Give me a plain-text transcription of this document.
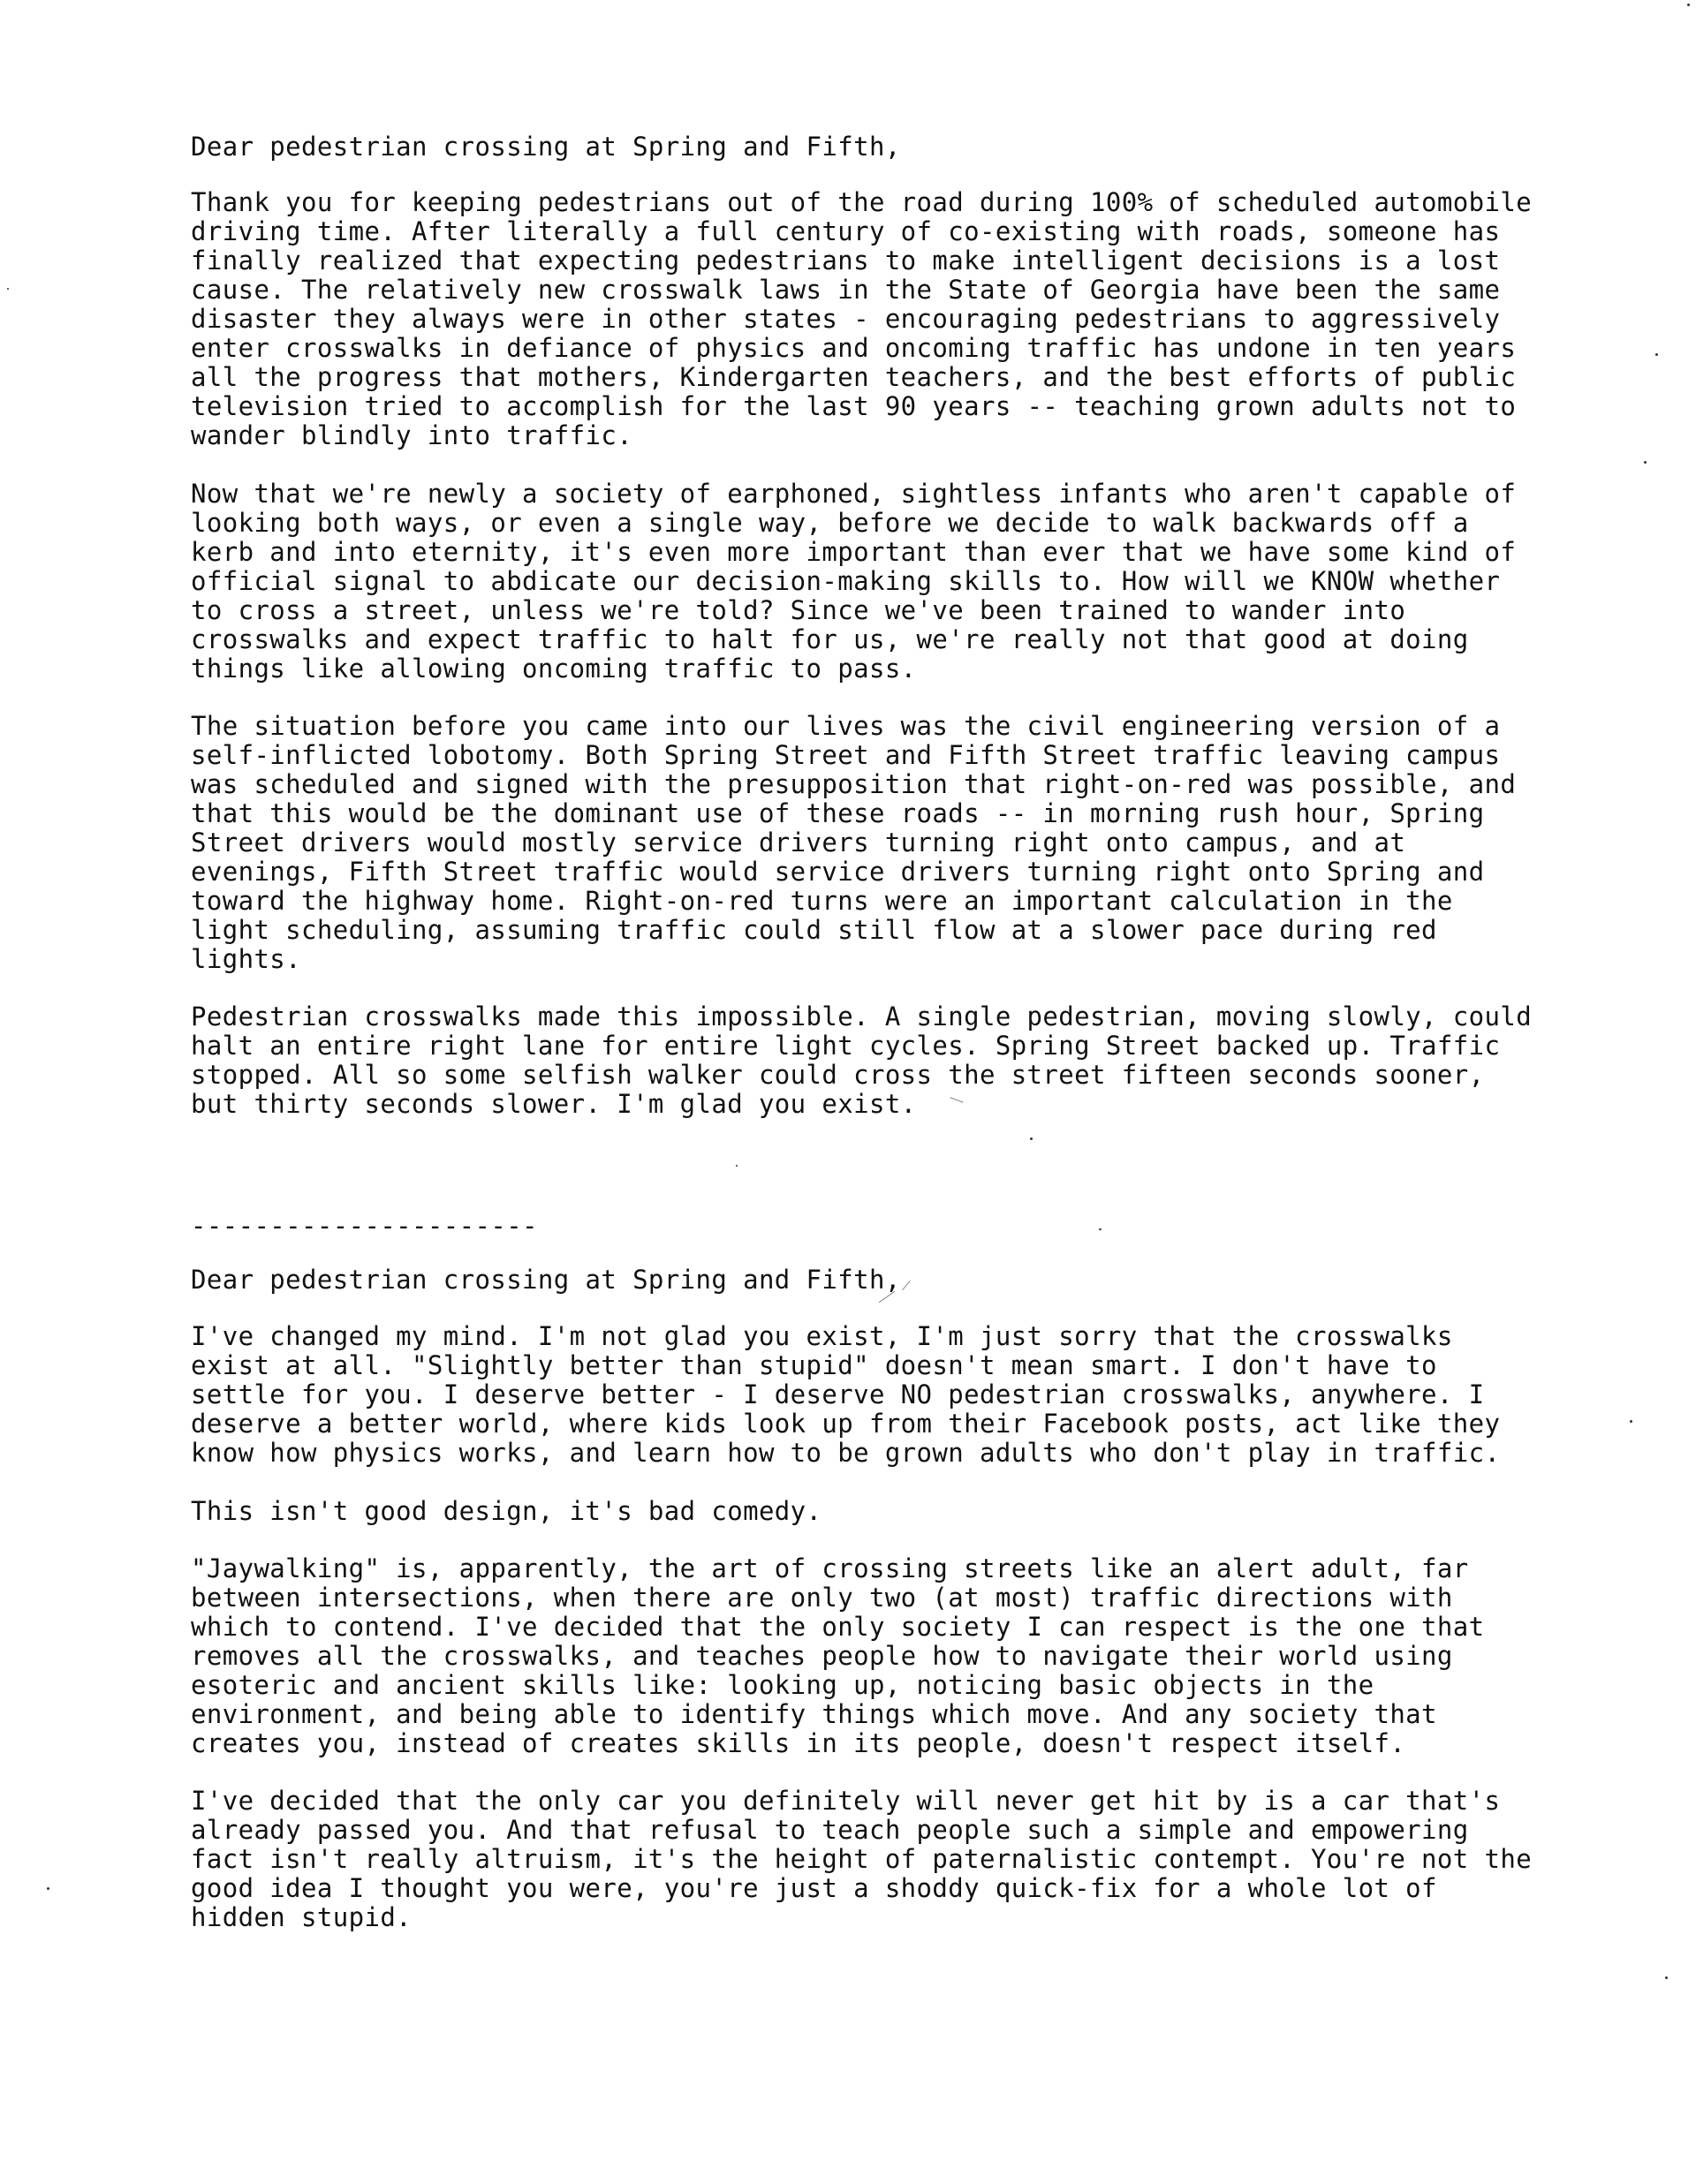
Dear pedestrian crossing at Spring and Fifth,

Thank you for keeping pedestrians out of the road during 100% of scheduled automobile

driving time. After literally a full century of co-existing with roads, someone has

finally realized that expecting pedestrians to make intelligent decisions is a lost

cause. The relatively new crosswalk laws in the State of Georgia have been the same

disaster they always were in other states - encouraging pedestrians to aggressively

enter crosswalks in defiance of physics and oncoming traffic has undone in ten years

all the progress that mothers, Kindergarten teachers, and the best efforts of public

television tried to accomplish for the last 90 years -- teaching grown adults not to

wander blindly into traffic.

Now that we're newly a society of earphoned, sightless infants who aren't capable of

looking both ways, or even a single way, before we decide to walk backwards off a

kerb and into eternity, it's even more important than ever that we have some kind of

official signal to abdicate our decision-making skills to. How will we KNOW whether

to cross a street, unless we're told? Since we've been trained to wander into

crosswalks and expect traffic to halt for us, we're really not that good at doing

things like allowing oncoming traffic to pass.

The situation before you came into our lives was the civil engineering version of a

self-inflicted lobotomy. Both Spring Street and Fifth Street traffic leaving campus

was scheduled and signed with the presupposition that right-on-red was possible, and

that this would be the dominant use of these roads -- in morning rush hour, Spring

Street drivers would mostly service drivers turning right onto campus, and at

evenings, Fifth Street traffic would service drivers turning right onto Spring and

toward the highway home. Right-on-red turns were an important calculation in the

light scheduling, assuming traffic could still flow at a slower pace during red

lights.

Pedestrian crosswalks made this impossible. A single pedestrian, moving slowly, could

halt an entire right lane for entire light cycles. Spring Street backed up. Traffic

stopped. All so some selfish walker could cross the street fifteen seconds sooner,

but thirty seconds slower. I'm glad you exist.

----------------------

Dear pedestrian crossing at Spring and Fifth,

I've changed my mind. I'm not glad you exist, I'm just sorry that the crosswalks

exist at all. "Slightly better than stupid" doesn't mean smart. I don't have to

settle for you. I deserve better - I deserve NO pedestrian crosswalks, anywhere. I

deserve a better world, where kids look up from their Facebook posts, act like they

know how physics works, and learn how to be grown adults who don't play in traffic.

This isn't good design, it's bad comedy.

"Jaywalking" is, apparently, the art of crossing streets like an alert adult, far

between intersections, when there are only two (at most) traffic directions with

which to contend. I've decided that the only society I can respect is the one that

removes all the crosswalks, and teaches people how to navigate their world using

esoteric and ancient skills like: looking up, noticing basic objects in the

environment, and being able to identify things which move. And any society that

creates you, instead of creates skills in its people, doesn't respect itself.

I've decided that the only car you definitely will never get hit by is a car that's

already passed you. And that refusal to teach people such a simple and empowering

fact isn't really altruism, it's the height of paternalistic contempt. You're not the

good idea I thought you were, you're just a shoddy quick-fix for a whole lot of

hidden stupid.
